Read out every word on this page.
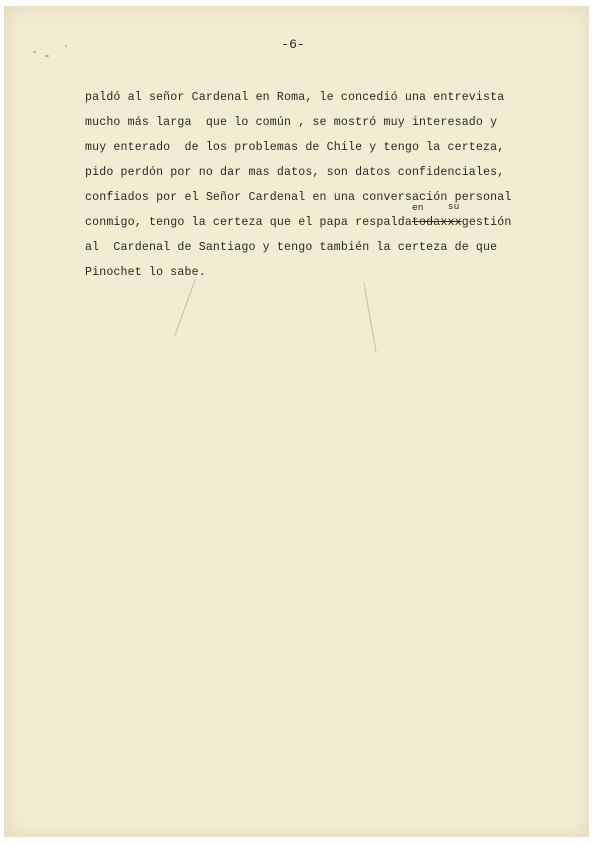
-6-
paldó al señor Cardenal en Roma, le concedió una entrevista
mucho más larga  que lo común , se mostró muy interesado y
muy enterado  de los problemas de Chile y tengo la certeza,
pido perdón por no dar mas datos, son datos confidenciales,
confiados por el Señor Cardenal en una conversación personal
conmigo, tengo la certeza que el papa respalda
en
todaxxx
su
gestión
al  Cardenal de Santiago y tengo también la certeza de que
Pinochet lo sabe.
